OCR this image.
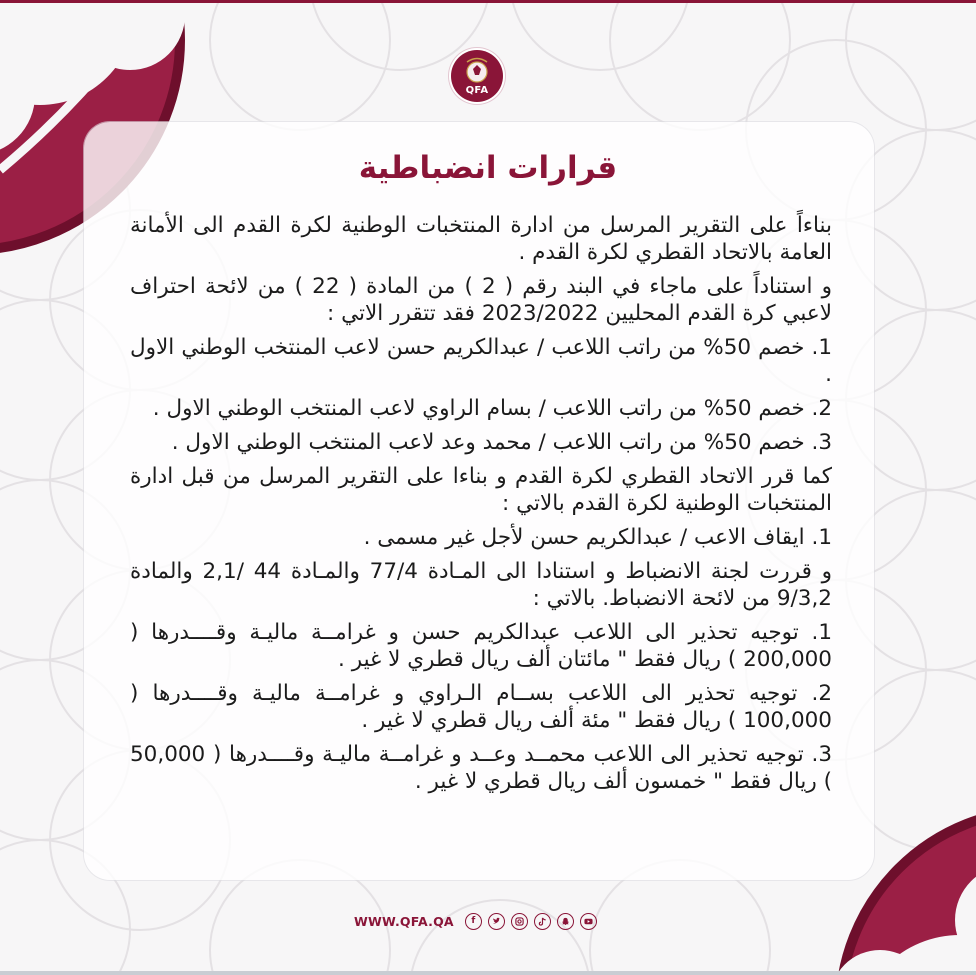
QFA
قرارات انضباطية

بناءاً على التقرير المرسل من ادارة المنتخبات الوطنية لكرة القدم الى الأمانة العامة بالاتحاد القطري لكرة القدم .

و استناداً على ماجاء في البند رقم ( 2 ) من المادة ( 22 ) من لائحة احتراف لاعبي كرة القدم المحليين 2023/2022 فقد تتقرر الاتي :

1. خصم 50% من راتب اللاعب / عبدالكريم حسن لاعب المنتخب الوطني الاول .

2. خصم 50% من راتب اللاعب / بسام الراوي لاعب المنتخب الوطني الاول .

3. خصم 50% من راتب اللاعب / محمد وعد لاعب المنتخب الوطني الاول .

كما قرر الاتحاد القطري لكرة القدم و بناءا على التقرير المرسل من قبل ادارة المنتخبات الوطنية لكرة القدم بالاتي :

1. ايقاف الاعب / عبدالكريم حسن لأجل غير مسمى .

و قررت لجنة الانضباط و استنادا الى المـادة 77/4 والمـادة 44 /2,1 والمادة 9/3,2 من لائحة الانضباط. بالاتي :

1. توجيه تحذير الى اللاعب عبدالكريم حسن و غرامــة ماليـة وقــــدرها ( 200,000 ) ريال فقط " مائتان ألف ريال قطري لا غير .

2. توجيه تحذير الى اللاعب بســام الـراوي و غرامــة ماليـة وقــــدرها ( 100,000 ) ريال فقط " مئة ألف ريال قطري لا غير .

3. توجيه تحذير الى اللاعب محمــد وعــد و غرامــة ماليـة وقــــدرها ( 50,000 ) ريال فقط " خمسون ألف ريال قطري لا غير .

WWW.QFA.QA	f
